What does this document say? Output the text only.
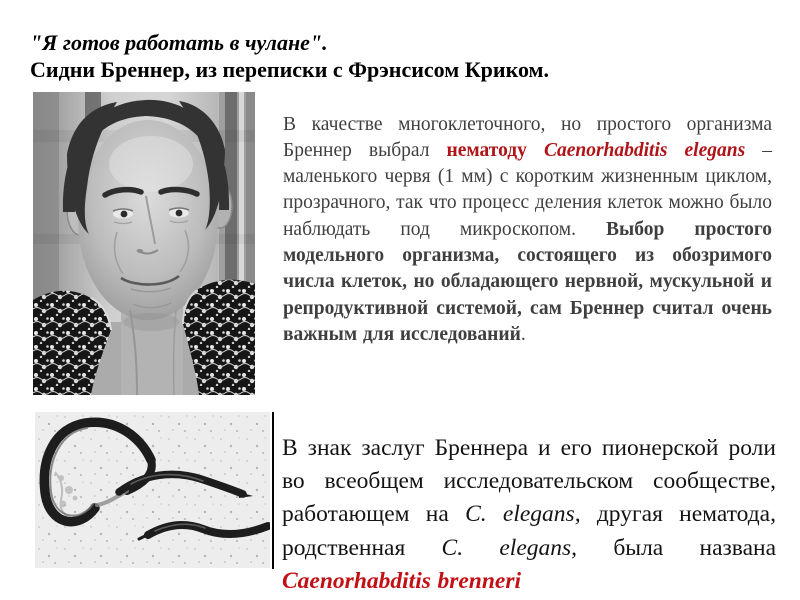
"Я готов работать в чулане".
Сидни Бреннер, из переписки с Фрэнсисом Криком.

В качестве многоклеточного, но простого организма Бреннер выбрал нематоду Caenorhabditis elegans – маленького червя (1 мм) с коротким жизненным циклом, прозрачного, так что процесс деления клеток можно было наблюдать под микроскопом. Выбор простого модельного организма, состоящего из обозримого числа клеток, но обладающего нервной, мускульной и репродуктивной системой, сам Бреннер считал очень важным для исследований.

В знак заслуг Бреннера и его пионерской роли во всеобщем исследовательском сообществе, работающем на C. elegans, другая нематода, родственная C. elegans, была названа Caenorhabditis brenneri
